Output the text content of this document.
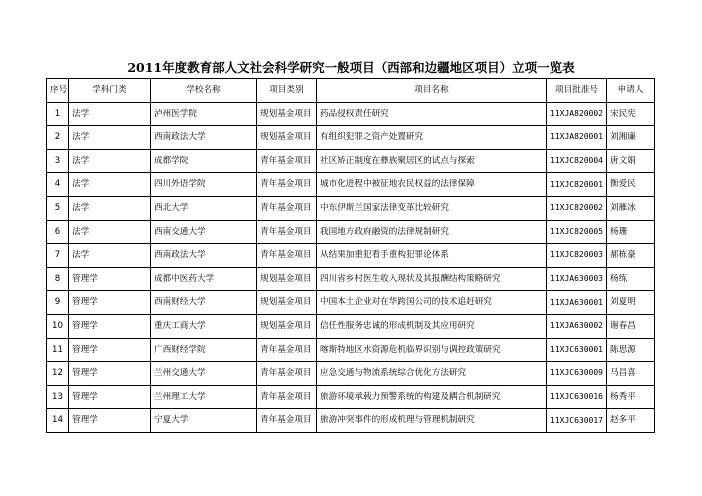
2011年度教育部人文社会科学研究一般项目（西部和边疆地区项目）立项一览表
序号	学科门类	学校名称	项目类别	项目名称	项目批准号	申请人
1	法学	泸州医学院	规划基金项目	药品侵权责任研究	11XJA820002	宋民宪
2	法学	西南政法大学	规划基金项目	有组织犯罪之资产处置研究	11XJA820001	刘湘廉
3	法学	成都学院	青年基金项目	社区矫正制度在彝族聚居区的试点与探索	11XJC820004	唐文娟
4	法学	四川外语学院	青年基金项目	城市化进程中被征地农民权益的法律保障	11XJC820001	衡爱民
5	法学	西北大学	青年基金项目	中东伊斯兰国家法律变革比较研究	11XJC820002	刘雁冰
6	法学	西南交通大学	青年基金项目	我国地方政府融资的法律规制研究	11XJC820005	杨珊
7	法学	西南政法大学	青年基金项目	从结果加重犯看手重构犯罪论体系	11XJC820003	郝栋豪
8	管理学	成都中医药大学	规划基金项目	四川省乡村医生收入现状及其报酬结构策略研究	11XJA630003	杨练
9	管理学	西南财经大学	规划基金项目	中国本土企业对在华跨国公司的技术追赶研究	11XJA630001	刘夏明
10	管理学	重庆工商大学	规划基金项目	信任性服务忠诚的形成机制及其应用研究	11XJA630002	谢春昌
11	管理学	广西财经学院	青年基金项目	喀斯特地区水资源危机临界识别与调控政策研究	11XJC630001	陈思源
12	管理学	兰州交通大学	青年基金项目	应急交通与物流系统综合优化方法研究	11XJC630009	马昌喜
13	管理学	兰州理工大学	青年基金项目	旅游环境承载力预警系统的构建及耦合机制研究	11XJC630016	杨秀平
14	管理学	宁夏大学	青年基金项目	旅游冲突事件的形成机理与管理机制研究	11XJC630017	赵多平
